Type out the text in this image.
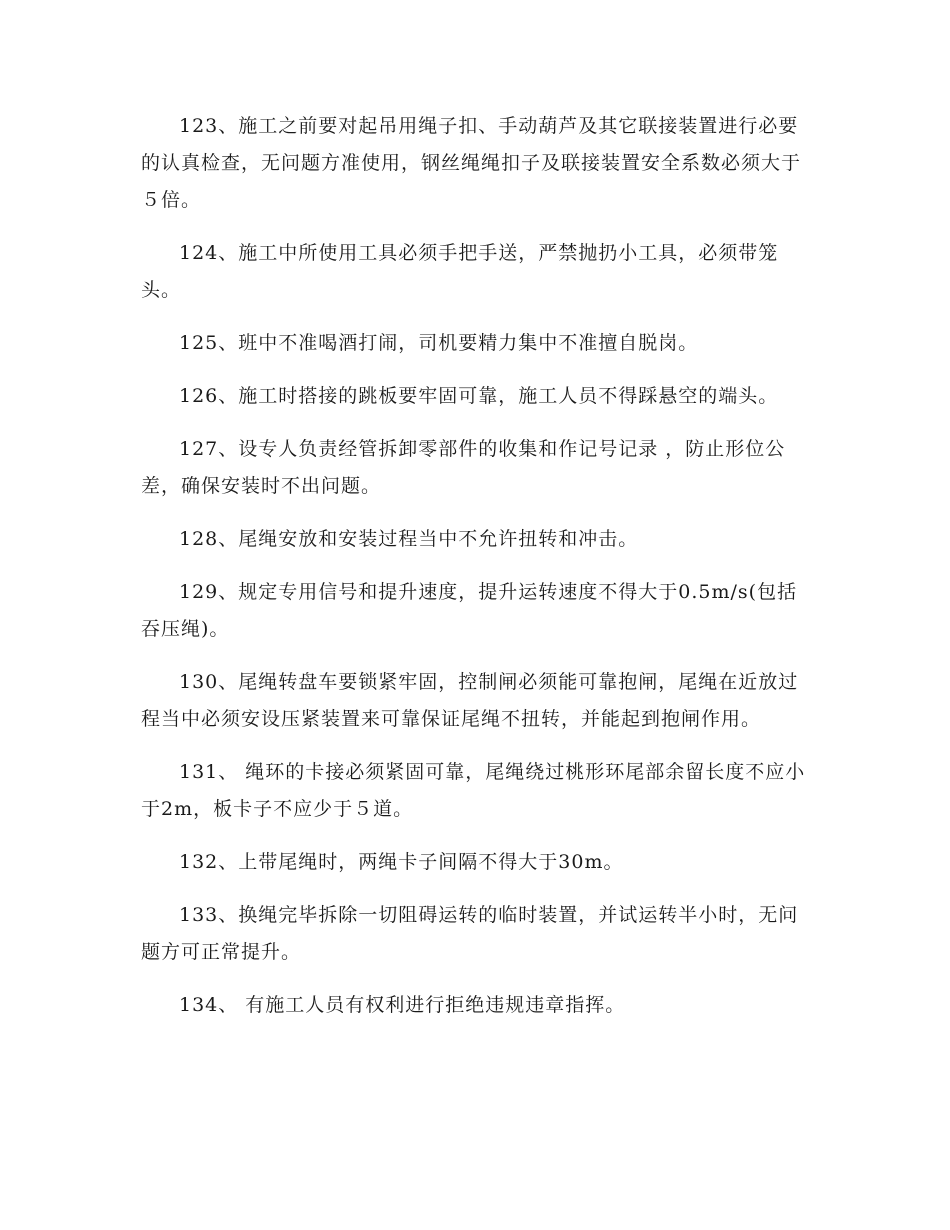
123、施工之前要对起吊用绳子扣、手动葫芦及其它联接装置进行必要的认真检查，无问题方准使用，钢丝绳绳扣子及联接装置安全系数必须大于５倍。

124、施工中所使用工具必须手把手送，严禁抛扔小工具，必须带笼头。

125、班中不准喝酒打闹，司机要精力集中不准擅自脱岗。

126、施工时搭接的跳板要牢固可靠，施工人员不得踩悬空的端头。

127、设专人负责经管拆卸零部件的收集和作记号记录 ，防止形位公差，确保安装时不出问题。

128、尾绳安放和安装过程当中不允许扭转和冲击。

129、规定专用信号和提升速度，提升运转速度不得大于0.5m/s(包括吞压绳)。

130、尾绳转盘车要锁紧牢固，控制闸必须能可靠抱闸，尾绳在近放过程当中必须安设压紧装置来可靠保证尾绳不扭转，并能起到抱闸作用。

131、 绳环的卡接必须紧固可靠，尾绳绕过桃形环尾部余留长度不应小于2m，板卡子不应少于５道。

132、上带尾绳时，两绳卡子间隔不得大于30m。

133、换绳完毕拆除一切阻碍运转的临时装置，并试运转半小时，无问题方可正常提升。

134、 有施工人员有权利进行拒绝违规违章指挥。
